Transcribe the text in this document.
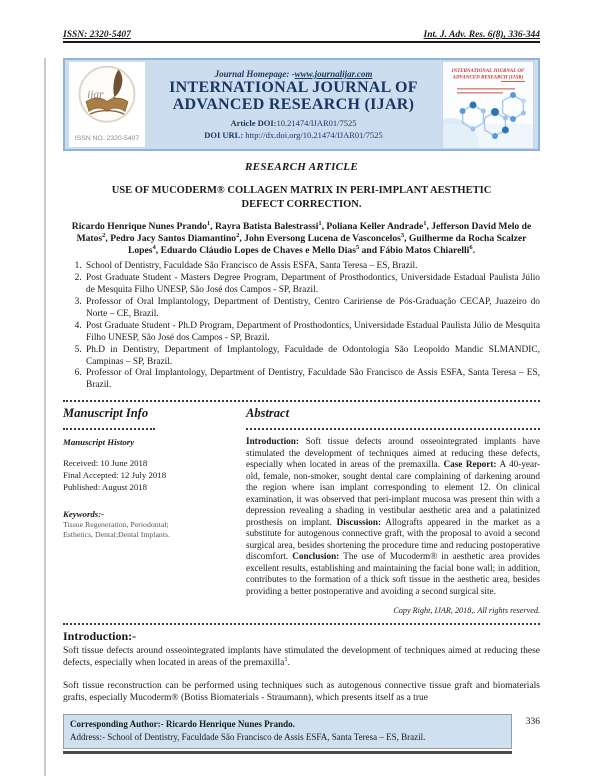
ISSN: 2320-5407	Int. J. Adv. Res. 6(8), 336-344
ijar
ISSN NO. 2320-5407
Journal Homepage: -www.journalijar.com
INTERNATIONAL JOURNAL OF
ADVANCED RESEARCH (IJAR)
Article DOI:10.21474/IJAR01/7525
DOI URL: http://dx.doi.org/10.21474/IJAR01/7525
INTERNATIONAL JOURNAL OF
ADVANCED RESEARCH (IJAR)
RESEARCH ARTICLE
USE OF MUCODERM® COLLAGEN MATRIX IN PERI-IMPLANT AESTHETIC DEFECT CORRECTION.
Ricardo Henrique Nunes Prando$^1$, Rayra Batista Balestrassi$^1$, Poliana Keller Andrade$^1$, Jefferson David Melo de Matos$^2$, Pedro Jacy Santos Diamantino$^2$, John Eversong Lucena de Vasconcelos$^3$, Guilherme da Rocha Scalzer Lopes$^4$, Eduardo Cláudio Lopes de Chaves e Mello Dias$^5$ and Fábio Matos Chiarelli$^6$.
1. School of Dentistry, Faculdade São Francisco de Assis ESFA, Santa Teresa – ES, Brazil.
2. Post Graduate Student - Masters Degree Program, Department of Prosthodontics, Universidade Estadual Paulista Júlio de Mesquita Filho UNESP, São José dos Campos - SP, Brazil.
3. Professor of Oral Implantology, Department of Dentistry, Centro Caririense de Pós-Graduação CECAP, Juazeiro do Norte – CE, Brazil.
4. Post Graduate Student - Ph.D Program, Department of Prosthodontics, Universidade Estadual Paulista Júlio de Mesquita Filho UNESP, São José dos Campos - SP, Brazil.
5. Ph.D in Dentistry, Department of Implantology, Faculdade de Odontologia São Leopoldo Mandic SLMANDIC, Campinas – SP, Brazil.
6. Professor of Oral Implantology, Department of Dentistry, Faculdade São Francisco de Assis ESFA, Santa Teresa – ES, Brazil.
Manuscript Info
Manuscript History
Received: 10 June 2018
Final Accepted: 12 July 2018
Published: August 2018
Keywords:-
Tissue Regeneration, Periodontal; Esthetics, Dental;Dental Implants.
Abstract
Introduction: Soft tissue defects around osseointegrated implants have stimulated the development of techniques aimed at reducing these defects, especially when located in areas of the premaxilla. Case Report: A 40-year-old, female, non-smoker, sought dental care complaining of darkening around the region where isan implant corresponding to element 12. On clinical examination, it was observed that peri-implant mucosa was present thin with a depression revealing a shading in vestibular aesthetic area and a palatinized prosthesis on implant. Discussion: Allografts appeared in the market as a substitute for autogenous connective graft, with the proposal to avoid a second surgical area, besides shortening the procedure time and reducing postoperative discomfort. Conclusion: The use of Mucoderm® in aesthetic area provides excellent results, establishing and maintaining the facial bone wall; in addition, contributes to the formation of a thick soft tissue in the aesthetic area, besides providing a better postoperative and avoiding a second surgical site.
Copy Right, IJAR, 2018,. All rights reserved.
Introduction:-
Soft tissue defects around osseointegrated implants have stimulated the development of techniques aimed at reducing these defects, especially when located in areas of the premaxilla$^1$.
Soft tissue reconstruction can be performed using techniques such as autogenous connective tissue graft and biomaterials grafts, especially Mucoderm® (Botiss Biomaterials - Straumann), which presents itself as a true
Corresponding Author:- Ricardo Henrique Nunes Prando.
Address:- School of Dentistry, Faculdade São Francisco de Assis ESFA, Santa Teresa – ES, Brazil.
336
